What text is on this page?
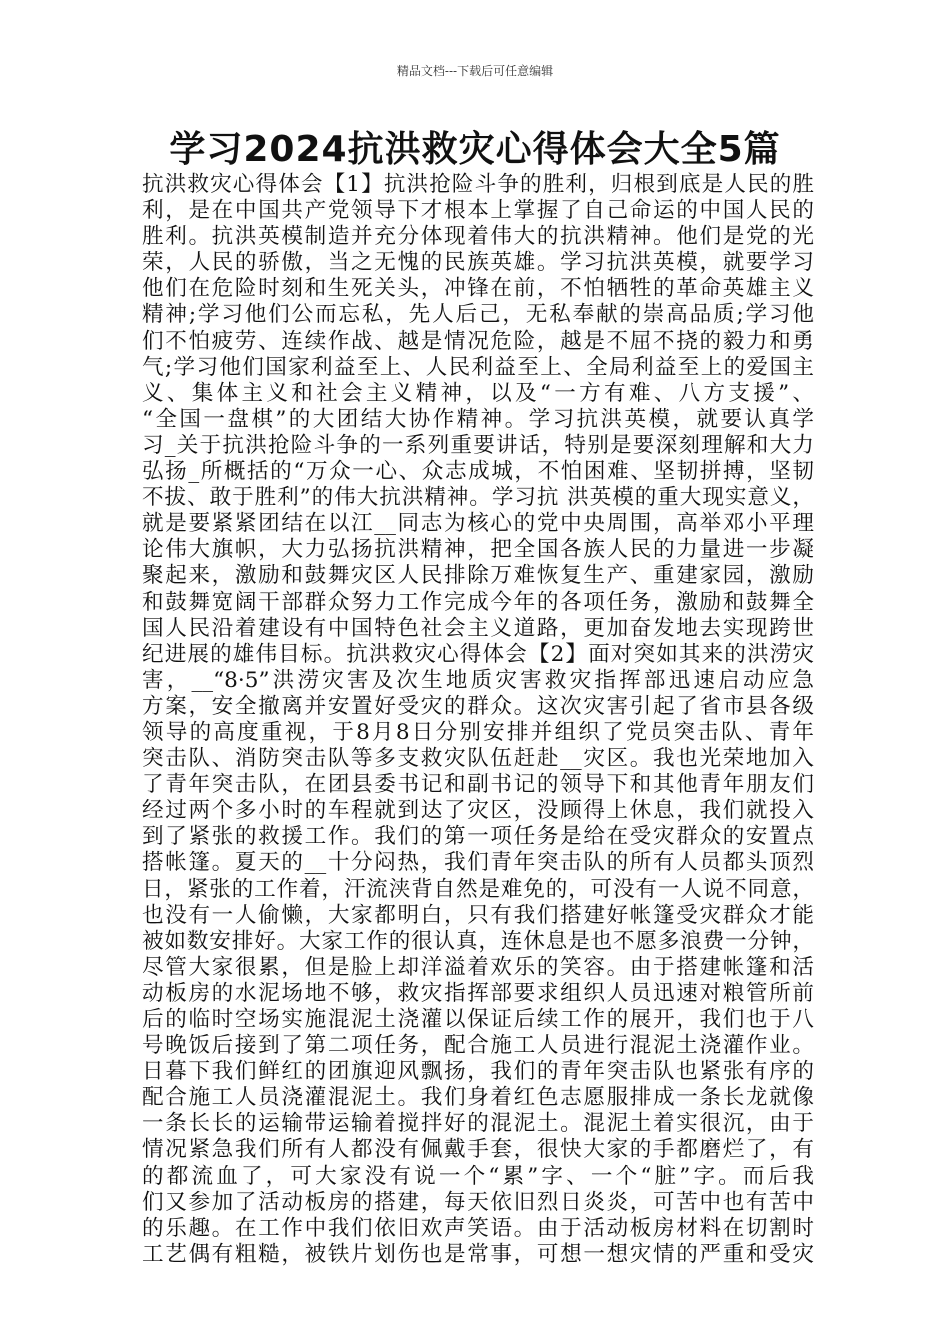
精品文档---下载后可任意编辑
学习2024抗洪救灾心得体会大全5篇
抗洪救灾心得体会【1】抗洪抢险斗争的胜利，归根到底是人民的胜
利，是在中国共产党领导下才根本上掌握了自己命运的中国人民的
胜利。抗洪英模制造并充分体现着伟大的抗洪精神。他们是党的光
荣，人民的骄傲，当之无愧的民族英雄。学习抗洪英模，就要学习
他们在危险时刻和生死关头，冲锋在前，不怕牺牲的革命英雄主义
精神;学习他们公而忘私，先人后己，无私奉献的崇高品质;学习他
们不怕疲劳、连续作战、越是情况危险，越是不屈不挠的毅力和勇
气;学习他们国家利益至上、人民利益至上、全局利益至上的爱国主
义、集体主义和社会主义精神，以及“一方有难、八方支援”、
“全国一盘棋”的大团结大协作精神。学习抗洪英模，就要认真学
习_关于抗洪抢险斗争的一系列重要讲话，特别是要深刻理解和大力
弘扬_所概括的“万众一心、众志成城，不怕困难、坚韧拼搏，坚韧
不拔、敢于胜利”的伟大抗洪精神。学习抗 洪英模的重大现实意义，
就是要紧紧团结在以江__同志为核心的党中央周围，高举邓小平理
论伟大旗帜，大力弘扬抗洪精神，把全国各族人民的力量进一步凝
聚起来，激励和鼓舞灾区人民排除万难恢复生产、重建家园，激励
和鼓舞宽阔干部群众努力工作完成今年的各项任务，激励和鼓舞全
国人民沿着建设有中国特色社会主义道路，更加奋发地去实现跨世
纪进展的雄伟目标。抗洪救灾心得体会【2】面对突如其来的洪涝灾
害，__“8·5”洪涝灾害及次生地质灾害救灾指挥部迅速启动应急
方案，安全撤离并安置好受灾的群众。这次灾害引起了省市县各级
领导的高度重视，于8月8日分别安排并组织了党员突击队、青年
突击队、消防突击队等多支救灾队伍赶赴__灾区。我也光荣地加入
了青年突击队，在团县委书记和副书记的领导下和其他青年朋友们
经过两个多小时的车程就到达了灾区，没顾得上休息，我们就投入
到了紧张的救援工作。我们的第一项任务是给在受灾群众的安置点
搭帐篷。夏天的__十分闷热，我们青年突击队的所有人员都头顶烈
日，紧张的工作着，汗流浃背自然是难免的，可没有一人说不同意，
也没有一人偷懒，大家都明白，只有我们搭建好帐篷受灾群众才能
被如数安排好。大家工作的很认真，连休息是也不愿多浪费一分钟，
尽管大家很累，但是脸上却洋溢着欢乐的笑容。由于搭建帐篷和活
动板房的水泥场地不够，救灾指挥部要求组织人员迅速对粮管所前
后的临时空场实施混泥土浇灌以保证后续工作的展开，我们也于八
号晚饭后接到了第二项任务，配合施工人员进行混泥土浇灌作业。
日暮下我们鲜红的团旗迎风飘扬，我们的青年突击队也紧张有序的
配合施工人员浇灌混泥土。我们身着红色志愿服排成一条长龙就像
一条长长的运输带运输着搅拌好的混泥土。混泥土着实很沉，由于
情况紧急我们所有人都没有佩戴手套，很快大家的手都磨烂了，有
的都流血了，可大家没有说一个“累”字、一个“脏”字。而后我
们又参加了活动板房的搭建，每天依旧烈日炎炎，可苦中也有苦中
的乐趣。在工作中我们依旧欢声笑语。由于活动板房材料在切割时
工艺偶有粗糙，被铁片划伤也是常事，可想一想灾情的严重和受灾
